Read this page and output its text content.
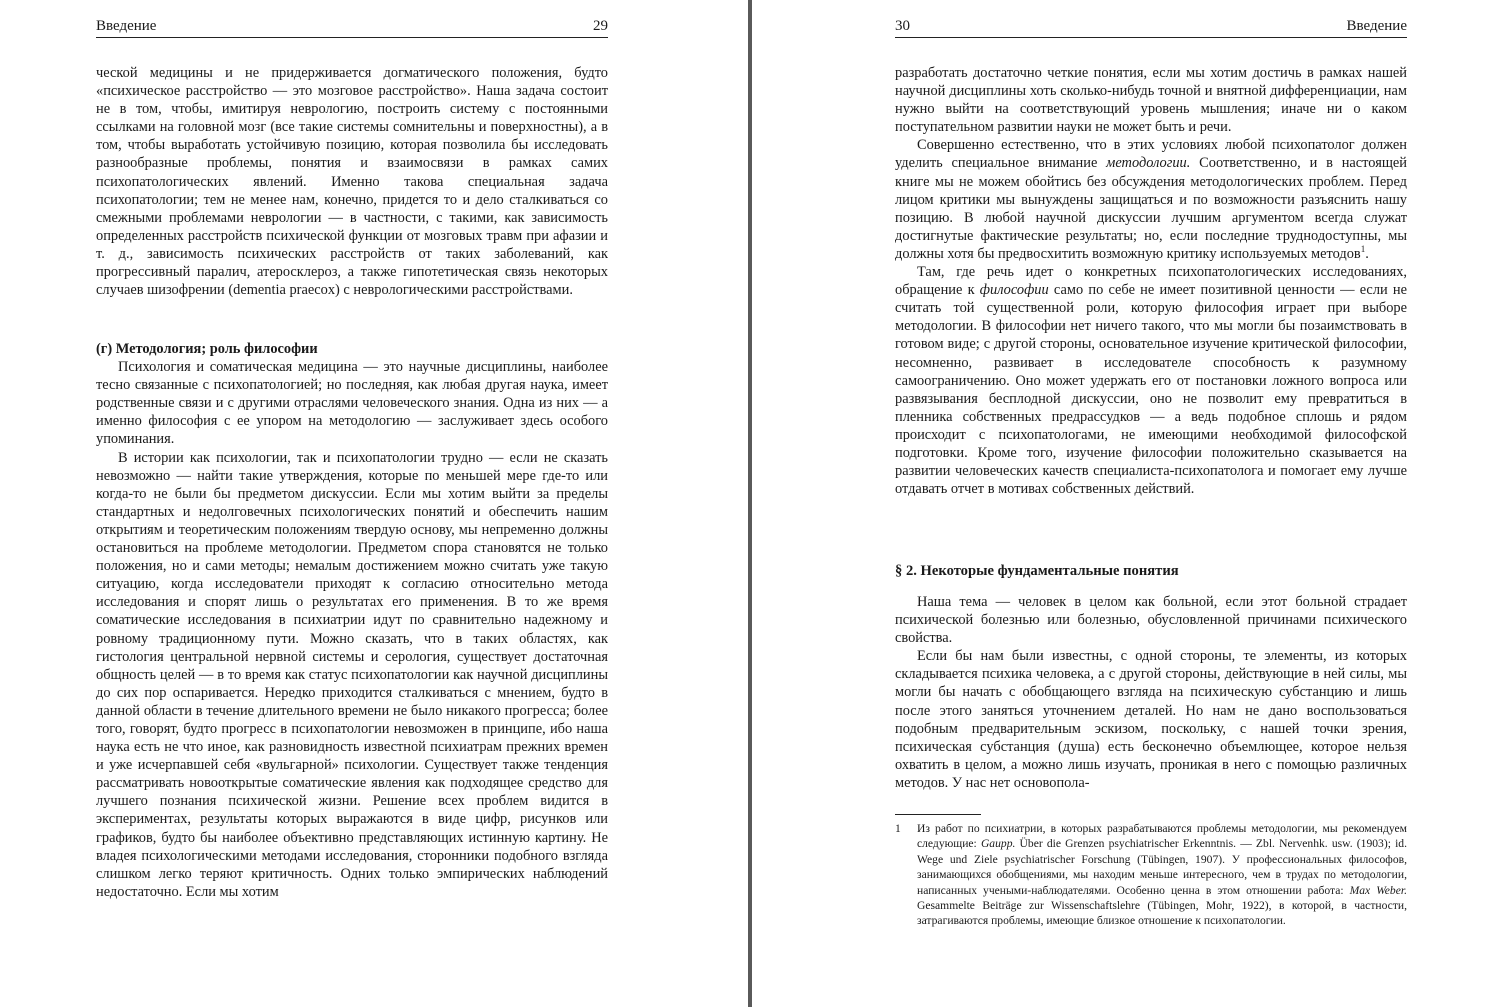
Введение	29

ческой медицины и не придерживается догматического положения, будто «психическое расстройство — это мозговое расстройство». Наша задача состоит не в том, чтобы, имитируя неврологию, построить систему с постоянными ссылками на головной мозг (все такие системы сомнительны и поверхностны), а в том, чтобы выработать устойчивую позицию, которая позволила бы исследовать разнообразные проблемы, понятия и взаимосвязи в рамках самих психопатологических явлений. Именно такова специальная задача психопатологии; тем не менее нам, конечно, придется то и дело сталкиваться со смежными проблемами неврологии — в частности, с такими, как зависимость определенных расстройств психической функции от мозговых травм при афазии и т. д., зависимость психических расстройств от таких заболеваний, как прогрессивный паралич, атеросклероз, а также гипотетическая связь некоторых случаев шизофрении (dementia praecox) с неврологическими расстройствами.

(г) Методология; роль философии

Психология и соматическая медицина — это научные дисциплины, наиболее тесно связанные с психопатологией; но последняя, как любая другая наука, имеет родственные связи и с другими отраслями человеческого знания. Одна из них — а именно философия с ее упором на методологию — заслуживает здесь особого упоминания.

В истории как психологии, так и психопатологии трудно — если не сказать невозможно — найти такие утверждения, которые по меньшей мере где-то или когда-то не были бы предметом дискуссии. Если мы хотим выйти за пределы стандартных и недолговечных психологических понятий и обеспечить нашим открытиям и теоретическим положениям твердую основу, мы непременно должны остановиться на проблеме методологии. Предметом спора становятся не только положения, но и сами методы; немалым достижением можно считать уже такую ситуацию, когда исследователи приходят к согласию относительно метода исследования и спорят лишь о результатах его применения. В то же время соматические исследования в психиатрии идут по сравнительно надежному и ровному традиционному пути. Можно сказать, что в таких областях, как гистология центральной нервной системы и серология, существует достаточная общность целей — в то время как статус психопатологии как научной дисциплины до сих пор оспаривается. Нередко приходится сталкиваться с мнением, будто в данной области в течение длительного времени не было никакого прогресса; более того, говорят, будто прогресс в психопатологии невозможен в принципе, ибо наша наука есть не что иное, как разновидность известной психиатрам прежних времен и уже исчерпавшей себя «вульгарной» психологии. Существует также тенденция рассматривать новооткрытые соматические явления как подходящее средство для лучшего познания психической жизни. Решение всех проблем видится в экспериментах, результаты которых выражаются в виде цифр, рисунков или графиков, будто бы наиболее объективно представляющих истинную картину. Не владея психологическими методами исследования, сторонники подобного взгляда слишком легко теряют критичность. Одних только эмпирических наблюдений недостаточно. Если мы хотим

30	Введение

разработать достаточно четкие понятия, если мы хотим достичь в рамках нашей научной дисциплины хоть сколько-нибудь точной и внятной дифференциации, нам нужно выйти на соответствующий уровень мышления; иначе ни о каком поступательном развитии науки не может быть и речи.

Совершенно естественно, что в этих условиях любой психопатолог должен уделить специальное внимание методологии. Соответственно, и в настоящей книге мы не можем обойтись без обсуждения методологических проблем. Перед лицом критики мы вынуждены защищаться и по возможности разъяснить нашу позицию. В любой научной дискуссии лучшим аргументом всегда служат достигнутые фактические результаты; но, если последние труднодоступны, мы должны хотя бы предвосхитить возможную критику используемых методов$^1$.

Там, где речь идет о конкретных психопатологических исследованиях, обращение к философии само по себе не имеет позитивной ценности — если не считать той существенной роли, которую философия играет при выборе методологии. В философии нет ничего такого, что мы могли бы позаимствовать в готовом виде; с другой стороны, основательное изучение критической философии, несомненно, развивает в исследователе способность к разумному самоограничению. Оно может удержать его от постановки ложного вопроса или развязывания бесплодной дискуссии, оно не позволит ему превратиться в пленника собственных предрассудков — а ведь подобное сплошь и рядом происходит с психопатологами, не имеющими необходимой философской подготовки. Кроме того, изучение философии положительно сказывается на развитии человеческих качеств специалиста-психопатолога и помогает ему лучше отдавать отчет в мотивах собственных действий.

§ 2. Некоторые фундаментальные понятия

Наша тема — человек в целом как больной, если этот больной страдает психической болезнью или болезнью, обусловленной причинами психического свойства.

Если бы нам были известны, с одной стороны, те элементы, из которых складывается психика человека, а с другой стороны, действующие в ней силы, мы могли бы начать с обобщающего взгляда на психическую субстанцию и лишь после этого заняться уточнением деталей. Но нам не дано воспользоваться подобным предварительным эскизом, поскольку, с нашей точки зрения, психическая субстанция (душа) есть бесконечно объемлющее, которое нельзя охватить в целом, а можно лишь изучать, проникая в него с помощью различных методов. У нас нет основопола-

1 Из работ по психиатрии, в которых разрабатываются проблемы методологии, мы рекомендуем следующие: Gaupp. Über die Grenzen psychiatrischer Erkenntnis. — Zbl. Nervenhk. usw. (1903); id. Wege und Ziele psychiatrischer Forschung (Tübingen, 1907). У профессиональных философов, занимающихся обобщениями, мы находим меньше интересного, чем в трудах по методологии, написанных учеными-наблюдателями. Особенно ценна в этом отношении работа: Max Weber. Gesammelte Beiträge zur Wissenschaftslehre (Tübingen, Mohr, 1922), в которой, в частности, затрагиваются проблемы, имеющие близкое отношение к психопатологии.
